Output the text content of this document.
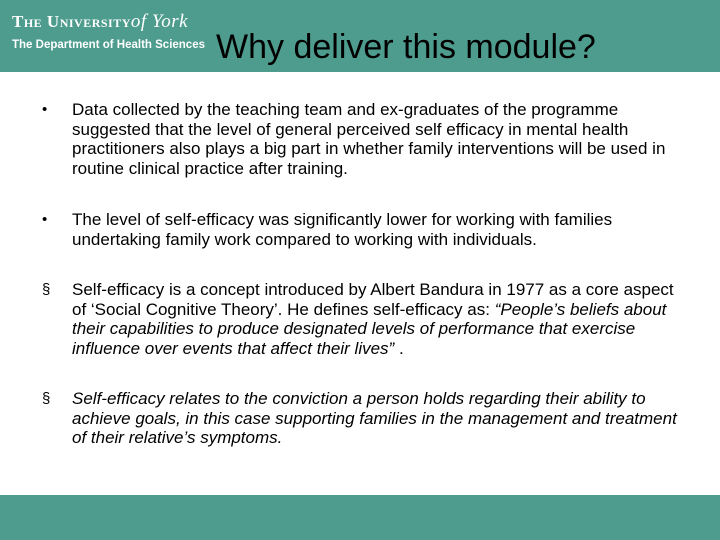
The Universityof York
The Department of Health Sciences Why deliver this module?
•	Data collected by the teaching team and ex-graduates of the programme suggested that the level of general perceived self efficacy in mental health practitioners also plays a big part in whether family interventions will be used in routine clinical practice after training.
•	The level of self-efficacy was significantly lower for working with families undertaking family work compared to working with individuals.
§	Self-efficacy is a concept introduced by Albert Bandura in 1977 as a core aspect of ‘Social Cognitive Theory’. He defines self-efficacy as: “People’s beliefs about their capabilities to produce designated levels of performance that exercise influence over events that affect their lives” .
§	Self-efficacy relates to the conviction a person holds regarding their ability to achieve goals, in this case supporting families in the management and treatment of their relative’s symptoms.
